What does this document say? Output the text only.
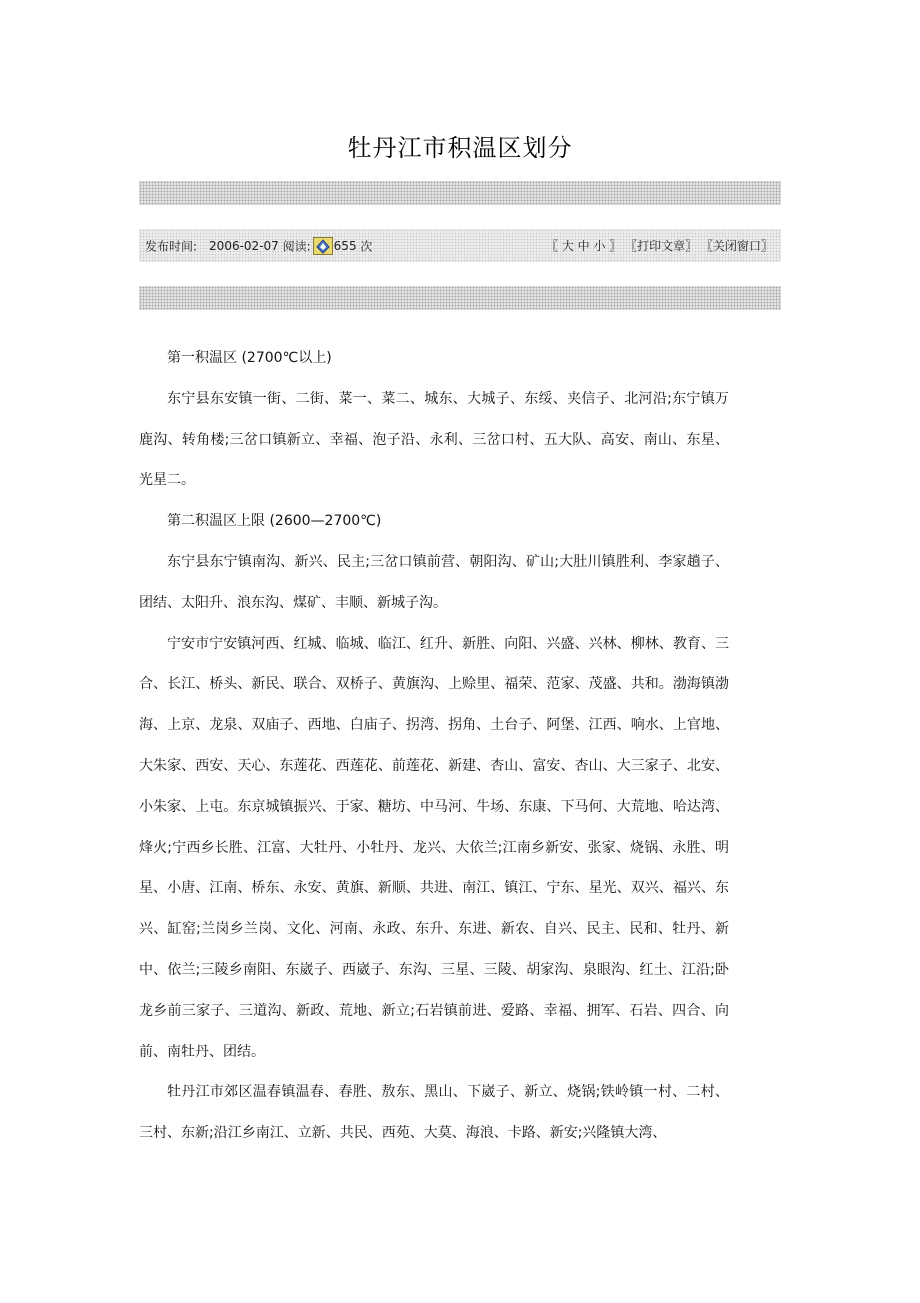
牡丹江市积温区划分
发布时间: 2006-02-07 阅读: 655 次	〖 大 中 小 〗 〖打印文章〗 〖关闭窗口〗

第一积温区 (2700℃以上)

东宁县东安镇一街、二街、菜一、菜二、城东、大城子、东绥、夹信子、北河沿;东宁镇万鹿沟、转角楼;三岔口镇新立、幸福、泡子沿、永利、三岔口村、五大队、高安、南山、东星、光星二。

第二积温区上限 (2600—2700℃)

东宁县东宁镇南沟、新兴、民主;三岔口镇前营、朝阳沟、矿山;大肚川镇胜利、李家趟子、团结、太阳升、浪东沟、煤矿、丰顺、新城子沟。

宁安市宁安镇河西、红城、临城、临江、红升、新胜、向阳、兴盛、兴林、柳林、教育、三合、长江、桥头、新民、联合、双桥子、黄旗沟、上赊里、福荣、范家、茂盛、共和。渤海镇渤海、上京、龙泉、双庙子、西地、白庙子、拐湾、拐角、土台子、阿堡、江西、响水、上官地、大朱家、西安、天心、东莲花、西莲花、前莲花、新建、杏山、富安、杏山、大三家子、北安、小朱家、上屯。东京城镇振兴、于家、糖坊、中马河、牛场、东康、下马何、大荒地、哈达湾、烽火;宁西乡长胜、江富、大牡丹、小牡丹、龙兴、大依兰;江南乡新安、张家、烧锅、永胜、明星、小唐、江南、桥东、永安、黄旗、新顺、共进、南江、镇江、宁东、星光、双兴、福兴、东兴、缸窑;兰岗乡兰岗、文化、河南、永政、东升、东进、新农、自兴、民主、民和、牡丹、新中、依兰;三陵乡南阳、东崴子、西崴子、东沟、三星、三陵、胡家沟、泉眼沟、红土、江沿;卧龙乡前三家子、三道沟、新政、荒地、新立;石岩镇前进、爱路、幸福、拥军、石岩、四合、向前、南牡丹、团结。

牡丹江市郊区温春镇温春、春胜、敖东、黑山、下崴子、新立、烧锅;铁岭镇一村、二村、三村、东新;沿江乡南江、立新、共民、西苑、大莫、海浪、卡路、新安;兴隆镇大湾、
